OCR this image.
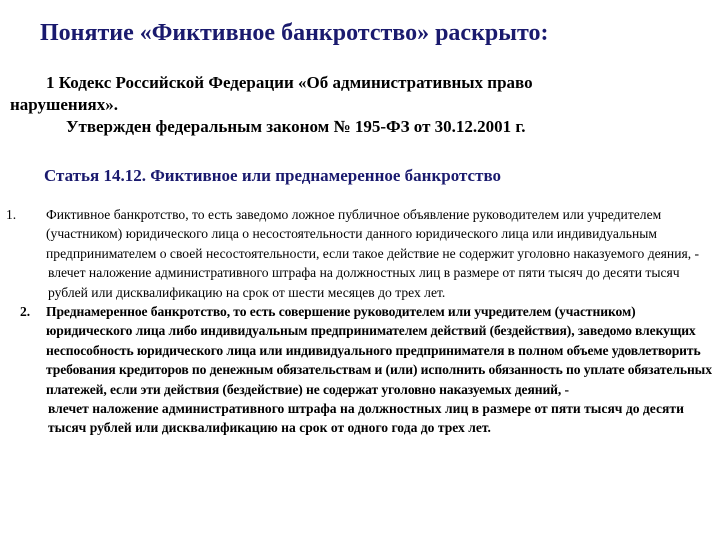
Понятие «Фиктивное банкротство» раскрыто:
1 Кодекс Российской Федерации «Об административных право
нарушениях».
Утвержден федеральным законом № 195-ФЗ от 30.12.2001 г.
Статья 14.12. Фиктивное или преднамеренное банкротство
1. Фиктивное банкротство, то есть заведомо ложное публичное объявление руководителем или учредителем (участником) юридического лица о несостоятельности данного юридического лица или индивидуальным предпринимателем о своей несостоятельности, если такое действие не содержит уголовно наказуемого деяния, -
влечет наложение административного штрафа на должностных лиц в размере от пяти тысяч до десяти тысяч рублей или дисквалификацию на срок от шести месяцев до трех лет.
2. Преднамеренное банкротство, то есть совершение руководителем или учредителем (участником) юридического лица либо индивидуальным предпринимателем действий (бездействия), заведомо влекущих неспособность юридического лица или индивидуального предпринимателя в полном объеме удовлетворить требования кредиторов по денежным обязательствам и (или) исполнить обязанность по уплате обязательных платежей, если эти действия (бездействие) не содержат уголовно наказуемых деяний, -
влечет наложение административного штрафа на должностных лиц в размере от пяти тысяч до десяти тысяч рублей или дисквалификацию на срок от одного года до трех лет.
